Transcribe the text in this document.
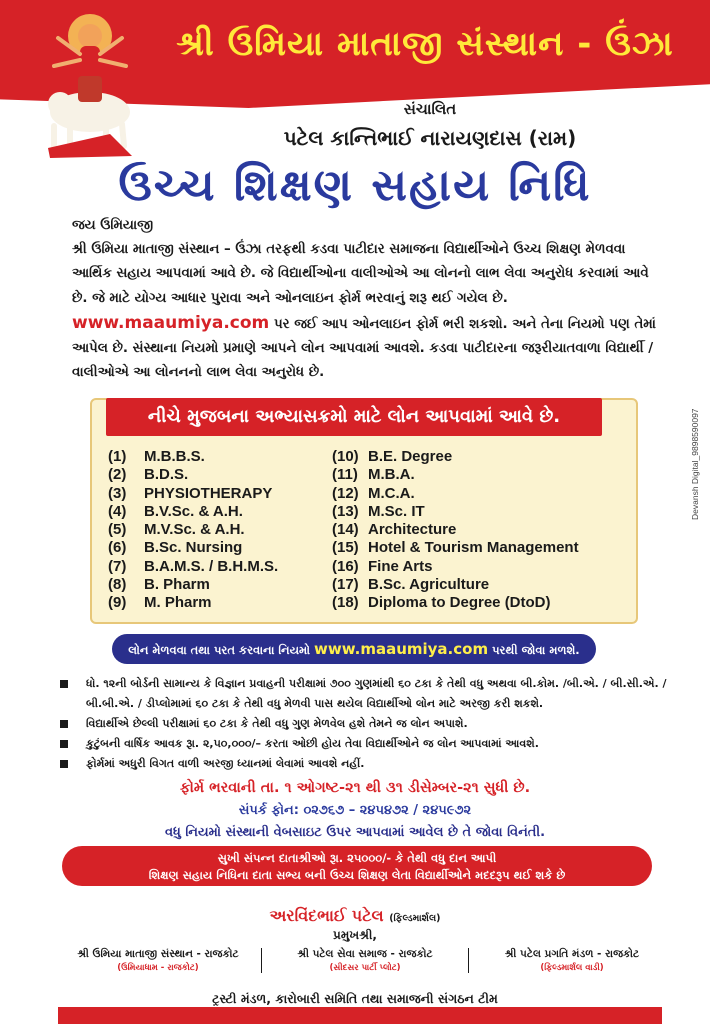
શ્રી ઉમિયા માતાજી સંસ્થાન - ઉંઝા
સંચાલિત
પટેલ કાન્તિભાઈ નારાયણદાસ (રામ)
ઉચ્ચ શિક્ષણ સહાય નિધિ
જય ઉમિયાજી
શ્રી ઉમિયા માતાજી સંસ્થાન – ઉંઝા તરફથી કડવા પાટીદાર સમાજના વિદ્યાર્થીઓને ઉચ્ચ શિક્ષણ મેળવવા આર્થિક સહાય આપવામાં આવે છે. જે વિદ્યાર્થીઓના વાલીઓએ આ લોનનો લાભ લેવા અનુરોધ કરવામાં આવે છે. જે માટે યોગ્ય આધાર પુરાવા અને ઓનલાઇન ફોર્મ ભરવાનું શરૂ થઈ ગયેલ છે. www.maaumiya.com પર જઈ આપ ઓનલાઇન ફોર્મ ભરી શકશો. અને તેના નિયમો પણ તેમાં આપેલ છે. સંસ્થાના નિયમો પ્રમાણે આપને લોન આપવામાં આવશે. કડવા પાટીદારના જરૂરીયાતવાળા વિદ્યાર્થી / વાલીઓએ આ લોનનનો લાભ લેવા અનુરોધ છે.
નીચે મુજબના અભ્યાસક્રમો માટે લોન આપવામાં આવે છે.
(1) M.B.B.S.
(2) B.D.S.
(3) PHYSIOTHERAPY
(4) B.V.Sc. & A.H.
(5) M.V.Sc. & A.H.
(6) B.Sc. Nursing
(7) B.A.M.S. / B.H.M.S.
(8) B. Pharm
(9) M. Pharm
(10) B.E. Degree
(11) M.B.A.
(12) M.C.A.
(13) M.Sc. IT
(14) Architecture
(15) Hotel & Tourism Management
(16) Fine Arts
(17) B.Sc. Agriculture
(18) Diploma to Degree (DtoD)
લોન મેળવવા તથા પરત કરવાના નિયમો www.maaumiya.com પરથી જોવા મળશે.
ધો. ૧૨ની બોર્ડની સામાન્ય કે વિજ્ઞાન પ્રવાહની પરીક્ષામાં ૭૦૦ ગુણમાંથી ૬૦ ટકા કે તેથી વધુ અથવા બી.કોમ. /બી.એ. / બી.સી.એ. / બી.બી.એ. / ડીપ્લોમામાં ૬૦ ટકા કે તેથી વધુ મેળવી પાસ થયેલ વિદ્યાર્થીઓ લોન માટે અરજી કરી શકશે.
વિદ્યાર્થીએ છેલ્લી પરીક્ષામાં ૬૦ ટકા કે તેથી વધુ ગુણ મેળવેલ હશે તેમને જ લોન અપાશે.
કુટુંબની વાર્ષિક આવક રૂા. ૨,૫૦,૦૦૦/– કરતા ઓછી હોય તેવા વિદ્યાર્થીઓને જ લોન આપવામાં આવશે.
ફોર્મમાં અધુરી વિગત વાળી અરજી ધ્યાનમાં લેવામાં આવશે નહીં.
ફોર્મ ભરવાની તા. ૧ ઓગષ્ટ-૨૧ થી ૩૧ ડીસેમ્બર-૨૧ સુધી છે.
સંપર્ક ફોન: ૦૨૭૬૭ – ૨૪૫૪૭૨ / ૨૪૫૯૭૨
વધુ નિયમો સંસ્થાની વેબસાઇટ ઉપર આપવામાં આવેલ છે તે જોવા વિનંતી.
સુખી સંપન્ન દાતાશ્રીઓ રૂા. ૨૫૦૦૦/- કે તેથી વધુ દાન આપી
શિક્ષણ સહાય નિધિના દાતા સભ્ય બની ઉચ્ચ શિક્ષણ લેતા વિદ્યાર્થીઓને મદદરૂપ થઈ શકે છે
અરવિંદભાઈ પટેલ (ફિલ્ડમાર્શલ)
પ્રમુખશ્રી,
શ્રી ઉમિયા માતાજી સંસ્થાન - રાજકોટ
(ઉમિયાધામ - રાજકોટ)
શ્રી પટેલ સેવા સમાજ - રાજકોટ
(સીદસર પાર્ટી પ્લોટ)
શ્રી પટેલ પ્રગતિ મંડળ - રાજકોટ
(ફિલ્ડમાર્શલ વાડી)
ટ્રસ્ટી મંડળ, કારોબારી સમિતિ તથા સમાજની સંગઠન ટીમ
Devansh Digital_9898590097
